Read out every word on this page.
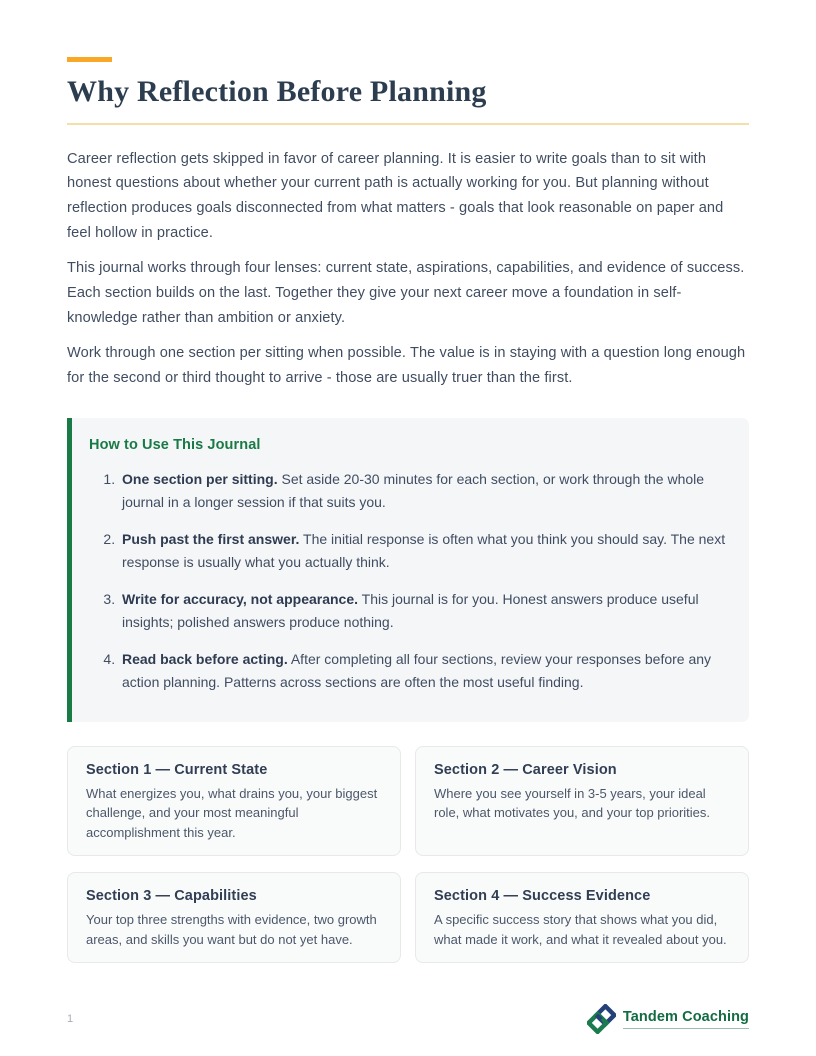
Why Reflection Before Planning

Career reflection gets skipped in favor of career planning. It is easier to write goals than to sit with honest questions about whether your current path is actually working for you. But planning without reflection produces goals disconnected from what matters - goals that look reasonable on paper and feel hollow in practice.

This journal works through four lenses: current state, aspirations, capabilities, and evidence of success. Each section builds on the last. Together they give your next career move a foundation in self-knowledge rather than ambition or anxiety.

Work through one section per sitting when possible. The value is in staying with a question long enough for the second or third thought to arrive - those are usually truer than the first.

How to Use This Journal
1. One section per sitting. Set aside 20-30 minutes for each section, or work through the whole journal in a longer session if that suits you.
2. Push past the first answer. The initial response is often what you think you should say. The next response is usually what you actually think.
3. Write for accuracy, not appearance. This journal is for you. Honest answers produce useful insights; polished answers produce nothing.
4. Read back before acting. After completing all four sections, review your responses before any action planning. Patterns across sections are often the most useful finding.
Section 1 — Current State
What energizes you, what drains you, your biggest challenge, and your most meaningful accomplishment this year.
Section 2 — Career Vision
Where you see yourself in 3-5 years, your ideal role, what motivates you, and your top priorities.
Section 3 — Capabilities
Your top three strengths with evidence, two growth areas, and skills you want but do not yet have.
Section 4 — Success Evidence
A specific success story that shows what you did, what made it work, and what it revealed about you.
1	Tandem Coaching
